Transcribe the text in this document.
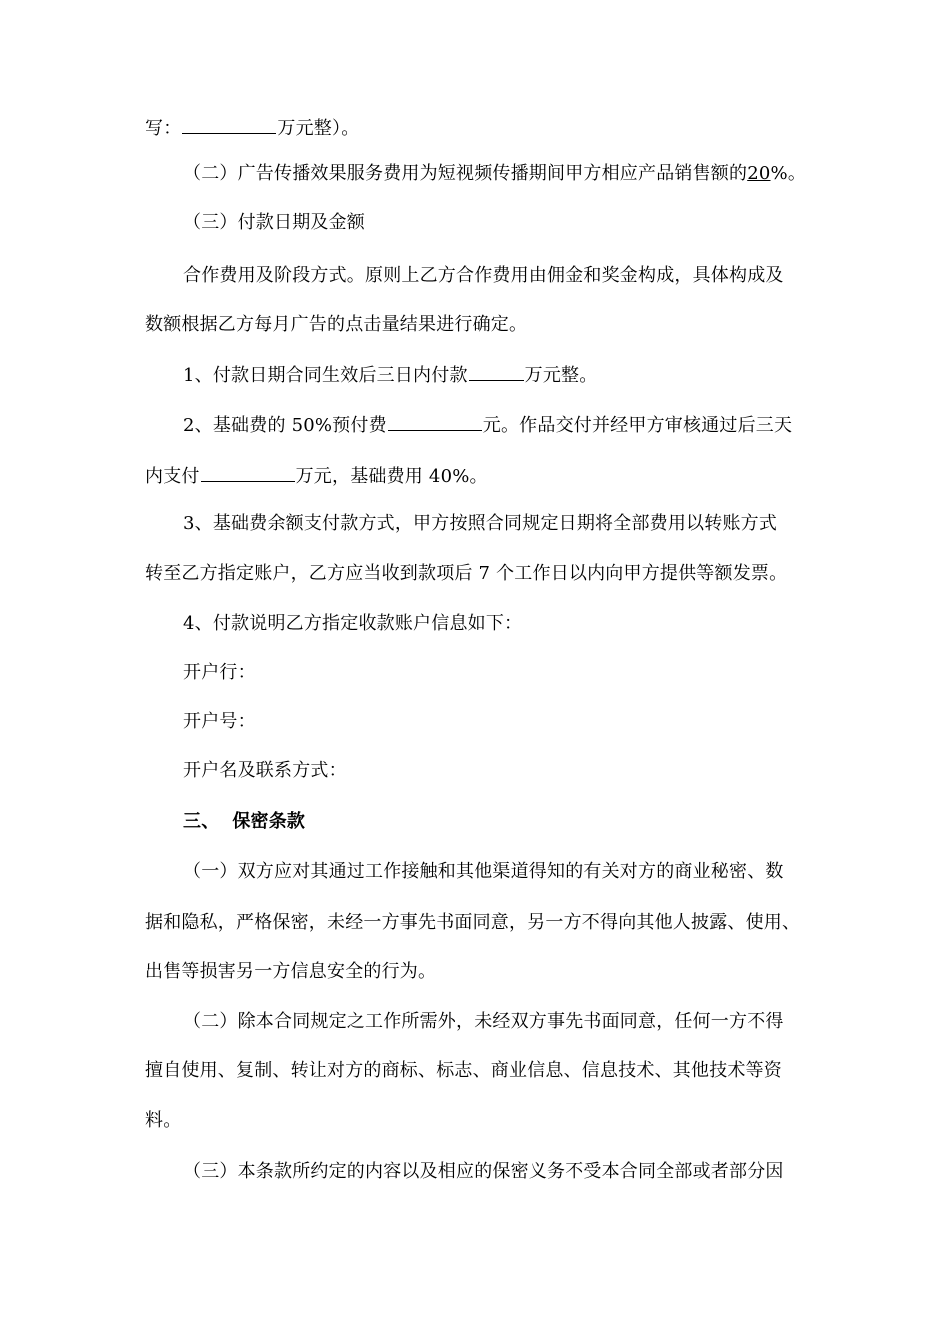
写：	万元整）。
（二）广告传播效果服务费用为短视频传播期间甲方相应产品销售额的20%。
（三）付款日期及金额
合作费用及阶段方式。原则上乙方合作费用由佣金和奖金构成，具体构成及
数额根据乙方每月广告的点击量结果进行确定。
1、付款日期合同生效后三日内付款	万元整。
2、基础费的 50%预付费	元。作品交付并经甲方审核通过后三天
内支付	万元，基础费用 40%。
3、基础费余额支付款方式，甲方按照合同规定日期将全部费用以转账方式
转至乙方指定账户，乙方应当收到款项后 7 个工作日以内向甲方提供等额发票。
4、付款说明乙方指定收款账户信息如下：
开户行：
开户号：
开户名及联系方式：
三、  保密条款
（一）双方应对其通过工作接触和其他渠道得知的有关对方的商业秘密、数
据和隐私，严格保密，未经一方事先书面同意，另一方不得向其他人披露、使用、
出售等损害另一方信息安全的行为。
（二）除本合同规定之工作所需外，未经双方事先书面同意，任何一方不得
擅自使用、复制、转让对方的商标、标志、商业信息、信息技术、其他技术等资
料。
（三）本条款所约定的内容以及相应的保密义务不受本合同全部或者部分因
